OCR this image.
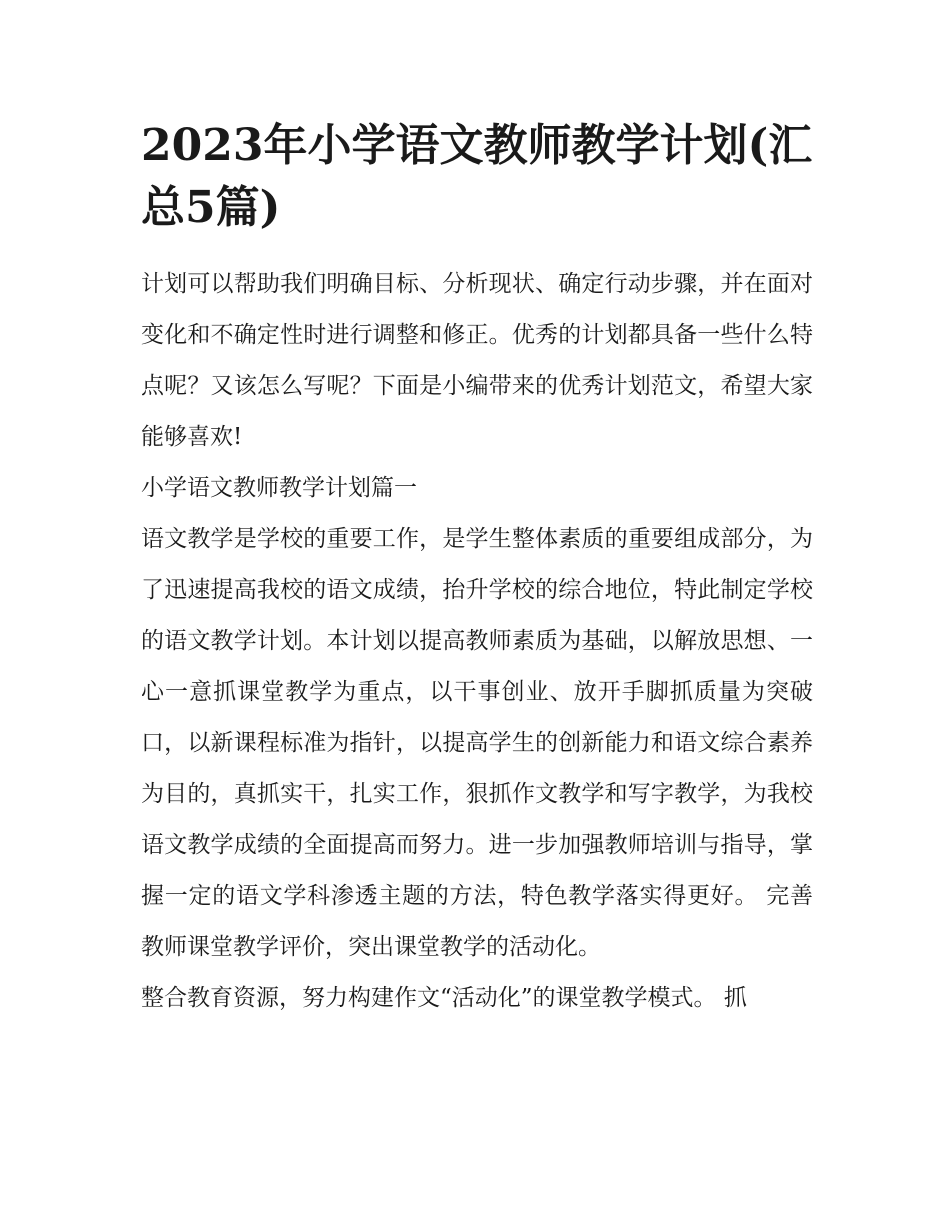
2023年小学语文教师教学计划(汇总5篇)

计划可以帮助我们明确目标、分析现状、确定行动步骤，并在面对变化和不确定性时进行调整和修正。优秀的计划都具备一些什么特点呢？又该怎么写呢？下面是小编带来的优秀计划范文，希望大家能够喜欢!

小学语文教师教学计划篇一

语文教学是学校的重要工作，是学生整体素质的重要组成部分，为了迅速提高我校的语文成绩，抬升学校的综合地位，特此制定学校的语文教学计划。本计划以提高教师素质为基础，以解放思想、一心一意抓课堂教学为重点，以干事创业、放开手脚抓质量为突破口，以新课程标准为指针，以提高学生的创新能力和语文综合素养为目的，真抓实干，扎实工作，狠抓作文教学和写字教学，为我校语文教学成绩的全面提高而努力。进一步加强教师培训与指导，掌握一定的语文学科渗透主题的方法，特色教学落实得更好。 完善教师课堂教学评价，突出课堂教学的活动化。

整合教育资源，努力构建作文“活动化”的课堂教学模式。 抓
